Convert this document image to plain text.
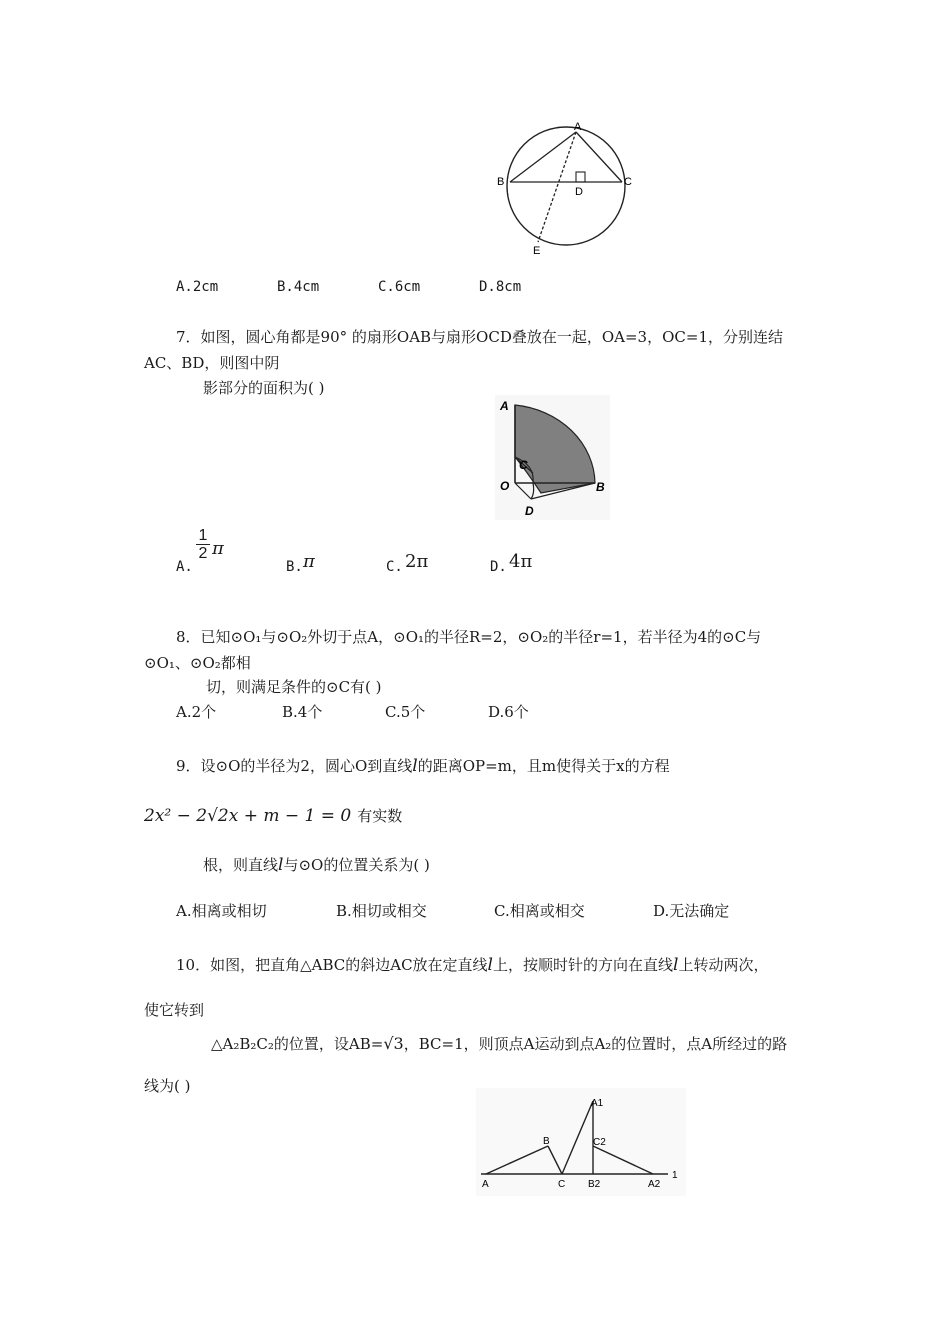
A
B	C
D
E
A.2cm	B.4cm	C.6cm	D.8cm
7．如图，圆心角都是90° 的扇形OAB与扇形OCD叠放在一起，OA=3，OC=1，分别连结
AC、BD，则图中阴
影部分的面积为( )
A
C
O	B
D
A.
1
2 π
B. π	C. 2π	D. 4π
8．已知⊙O₁与⊙O₂外切于点A，⊙O₁的半径R=2，⊙O₂的半径r=1，若半径为4的⊙C与
⊙O₁、⊙O₂都相
切，则满足条件的⊙C有( )
A.2个	B.4个	C.5个	D.6个
9．设⊙O的半径为2，圆心O到直线l的距离OP=m，且m使得关于x的方程
2x² − 2√2x + m − 1 = 0 有实数
根，则直线l与⊙O的位置关系为( )
A.相离或相切	B.相切或相交	C.相离或相交	D.无法确定
10．如图，把直角△ABC的斜边AC放在定直线l上，按顺时针的方向在直线l上转动两次，
使它转到
△A₂B₂C₂的位置，设AB=√3，BC=1，则顶点A运动到点A₂的位置时，点A所经过的路
线为( )
A
B
C
A1
C2
B2	A2
1
